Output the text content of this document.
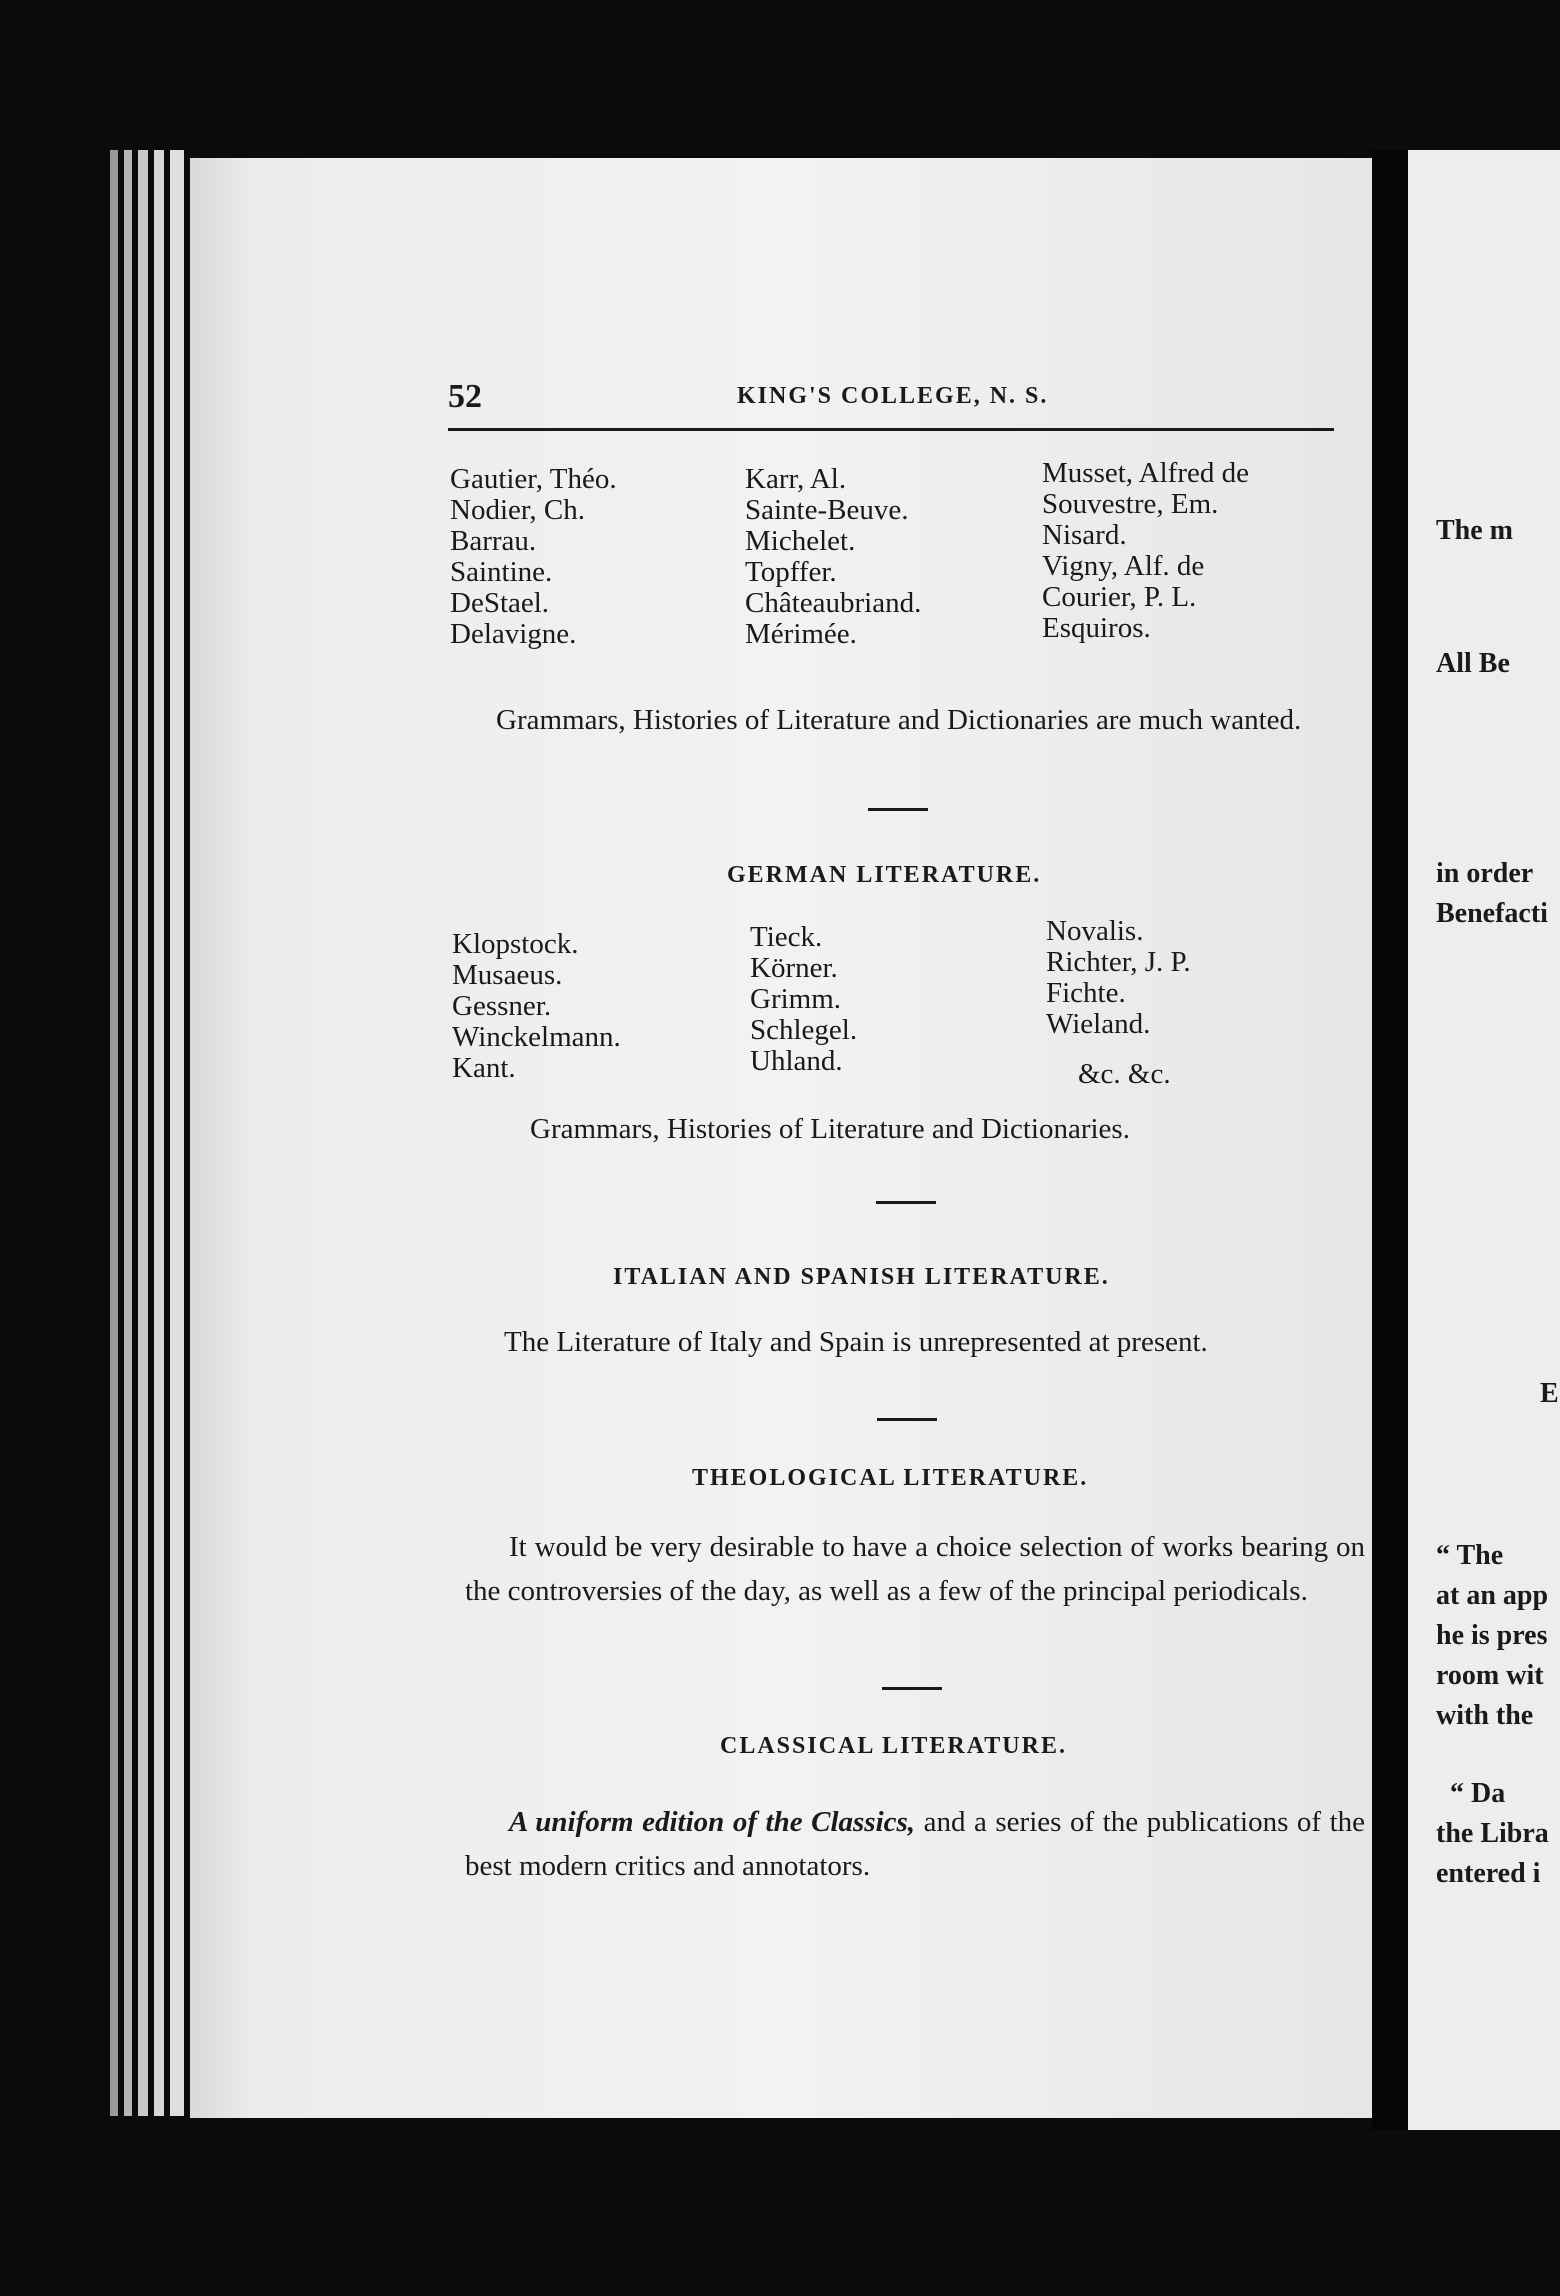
The m
All Be
in order
Benefacti
E
“ The
at an app
he is pres
room wit
with the
“ Da
the Libra
entered i
52	KING'S COLLEGE, N. S.
Gautier, Théo.
Nodier, Ch.
Barrau.
Saintine.
DeStael.
Delavigne.
Karr, Al.
Sainte-Beuve.
Michelet.
Topffer.
Châteaubriand.
Mérimée.
Musset, Alfred de
Souvestre, Em.
Nisard.
Vigny, Alf. de
Courier, P. L.
Esquiros.
Grammars, Histories of Literature and Dictionaries are much wanted.
GERMAN LITERATURE.
Klopstock.
Musaeus.
Gessner.
Winckelmann.
Kant.
Tieck.
Körner.
Grimm.
Schlegel.
Uhland.
Novalis.
Richter, J. P.
Fichte.
Wieland.
&c. &c.
Grammars, Histories of Literature and Dictionaries.
ITALIAN AND SPANISH LITERATURE.
The Literature of Italy and Spain is unrepresented at present.
THEOLOGICAL LITERATURE.
It would be very desirable to have a choice selection of works bearing on the controversies of the day, as well as a few of the principal periodicals.
CLASSICAL LITERATURE.
A uniform edition of the Classics, and a series of the publications of the best modern critics and annotators.
